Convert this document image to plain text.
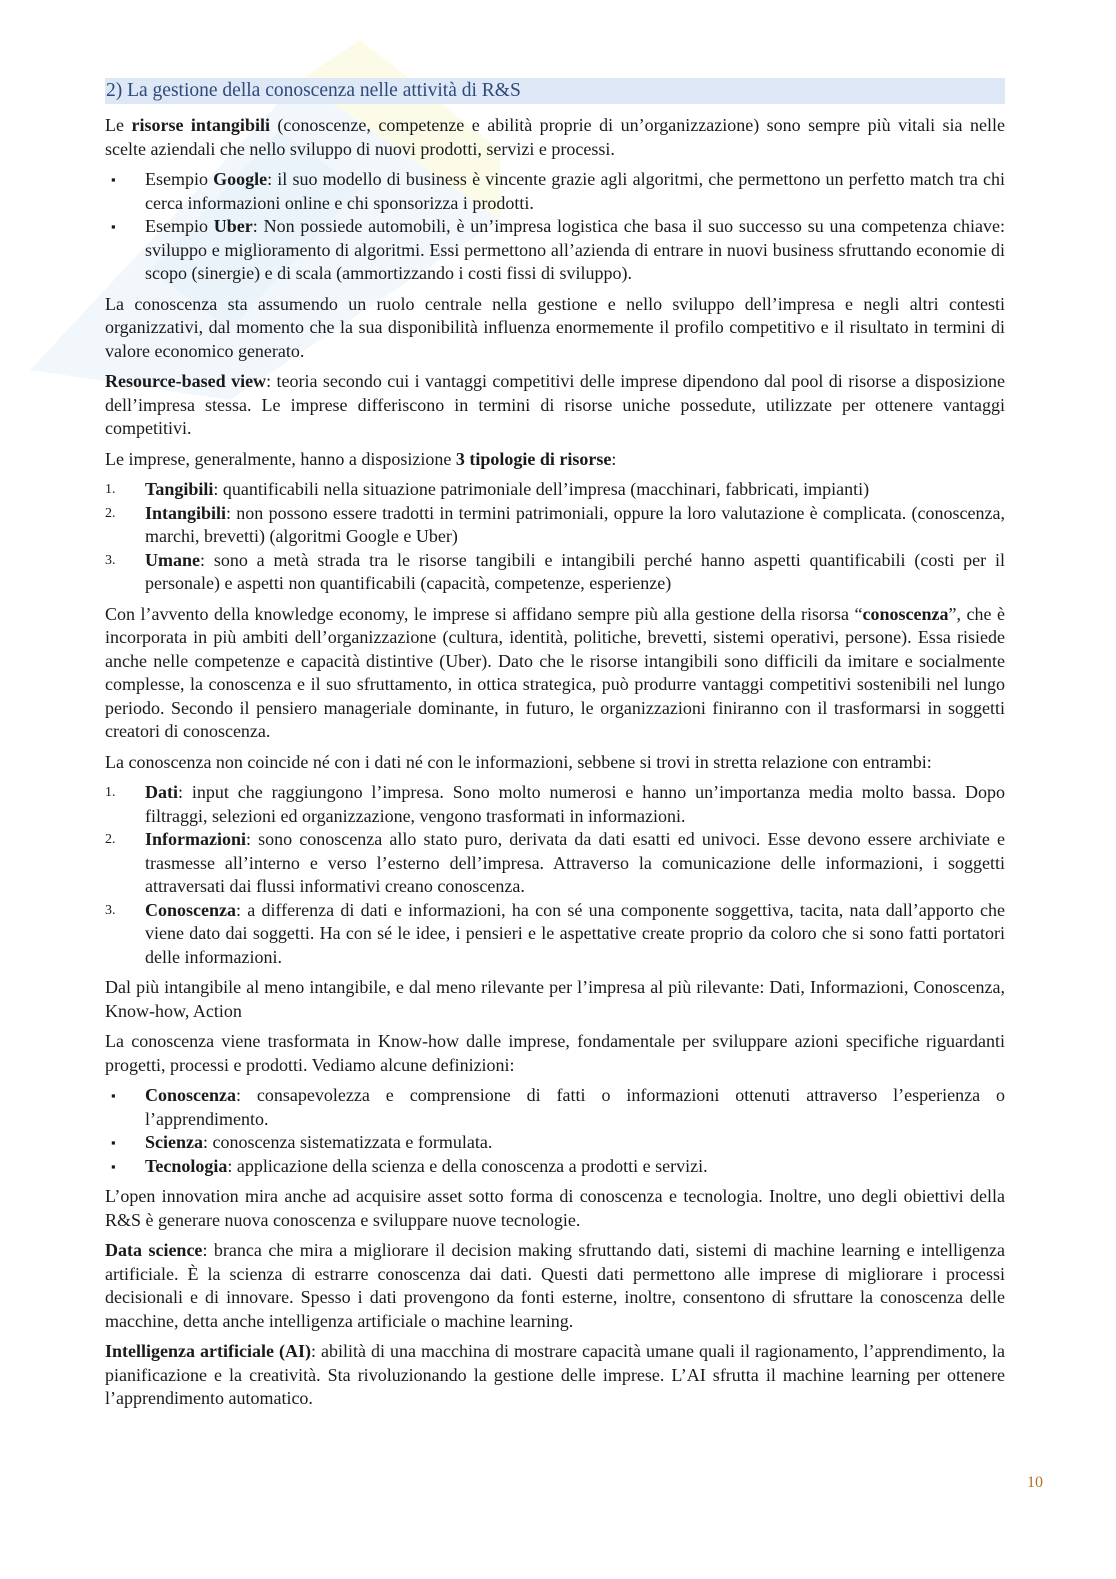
2) La gestione della conoscenza nelle attività di R&S

Le risorse intangibili (conoscenze, competenze e abilità proprie di un’organizzazione) sono sempre più vitali sia nelle scelte aziendali che nello sviluppo di nuovi prodotti, servizi e processi.

▪	Esempio Google: il suo modello di business è vincente grazie agli algoritmi, che permettono un perfetto match tra chi cerca informazioni online e chi sponsorizza i prodotti.
▪	Esempio Uber: Non possiede automobili, è un’impresa logistica che basa il suo successo su una competenza chiave: sviluppo e miglioramento di algoritmi. Essi permettono all’azienda di entrare in nuovi business sfruttando economie di scopo (sinergie) e di scala (ammortizzando i costi fissi di sviluppo).

La conoscenza sta assumendo un ruolo centrale nella gestione e nello sviluppo dell’impresa e negli altri contesti organizzativi, dal momento che la sua disponibilità influenza enormemente il profilo competitivo e il risultato in termini di valore economico generato.

Resource-based view: teoria secondo cui i vantaggi competitivi delle imprese dipendono dal pool di risorse a disposizione dell’impresa stessa. Le imprese differiscono in termini di risorse uniche possedute, utilizzate per ottenere vantaggi competitivi.

Le imprese, generalmente, hanno a disposizione 3 tipologie di risorse:

1.	Tangibili: quantificabili nella situazione patrimoniale dell’impresa (macchinari, fabbricati, impianti)
2.	Intangibili: non possono essere tradotti in termini patrimoniali, oppure la loro valutazione è complicata. (conoscenza, marchi, brevetti) (algoritmi Google e Uber)
3.	Umane: sono a metà strada tra le risorse tangibili e intangibili perché hanno aspetti quantificabili (costi per il personale) e aspetti non quantificabili (capacità, competenze, esperienze)

Con l’avvento della knowledge economy, le imprese si affidano sempre più alla gestione della risorsa “conoscenza”, che è incorporata in più ambiti dell’organizzazione (cultura, identità, politiche, brevetti, sistemi operativi, persone). Essa risiede anche nelle competenze e capacità distintive (Uber). Dato che le risorse intangibili sono difficili da imitare e socialmente complesse, la conoscenza e il suo sfruttamento, in ottica strategica, può produrre vantaggi competitivi sostenibili nel lungo periodo. Secondo il pensiero manageriale dominante, in futuro, le organizzazioni finiranno con il trasformarsi in soggetti creatori di conoscenza.

La conoscenza non coincide né con i dati né con le informazioni, sebbene si trovi in stretta relazione con entrambi:

1.	Dati: input che raggiungono l’impresa. Sono molto numerosi e hanno un’importanza media molto bassa. Dopo filtraggi, selezioni ed organizzazione, vengono trasformati in informazioni.
2.	Informazioni: sono conoscenza allo stato puro, derivata da dati esatti ed univoci. Esse devono essere archiviate e trasmesse all’interno e verso l’esterno dell’impresa. Attraverso la comunicazione delle informazioni, i soggetti attraversati dai flussi informativi creano conoscenza.
3.	Conoscenza: a differenza di dati e informazioni, ha con sé una componente soggettiva, tacita, nata dall’apporto che viene dato dai soggetti. Ha con sé le idee, i pensieri e le aspettative create proprio da coloro che si sono fatti portatori delle informazioni.

Dal più intangibile al meno intangibile, e dal meno rilevante per l’impresa al più rilevante: Dati, Informazioni, Conoscenza, Know-how, Action

La conoscenza viene trasformata in Know-how dalle imprese, fondamentale per sviluppare azioni specifiche riguardanti progetti, processi e prodotti. Vediamo alcune definizioni:

▪	Conoscenza: consapevolezza e comprensione di fatti o informazioni ottenuti attraverso l’esperienza o l’apprendimento.
▪	Scienza: conoscenza sistematizzata e formulata.
▪	Tecnologia: applicazione della scienza e della conoscenza a prodotti e servizi.

L’open innovation mira anche ad acquisire asset sotto forma di conoscenza e tecnologia. Inoltre, uno degli obiettivi della R&S è generare nuova conoscenza e sviluppare nuove tecnologie.

Data science: branca che mira a migliorare il decision making sfruttando dati, sistemi di machine learning e intelligenza artificiale. È la scienza di estrarre conoscenza dai dati. Questi dati permettono alle imprese di migliorare i processi decisionali e di innovare. Spesso i dati provengono da fonti esterne, inoltre, consentono di sfruttare la conoscenza delle macchine, detta anche intelligenza artificiale o machine learning.

Intelligenza artificiale (AI): abilità di una macchina di mostrare capacità umane quali il ragionamento, l’apprendimento, la pianificazione e la creatività. Sta rivoluzionando la gestione delle imprese. L’AI sfrutta il machine learning per ottenere l’apprendimento automatico.

10
